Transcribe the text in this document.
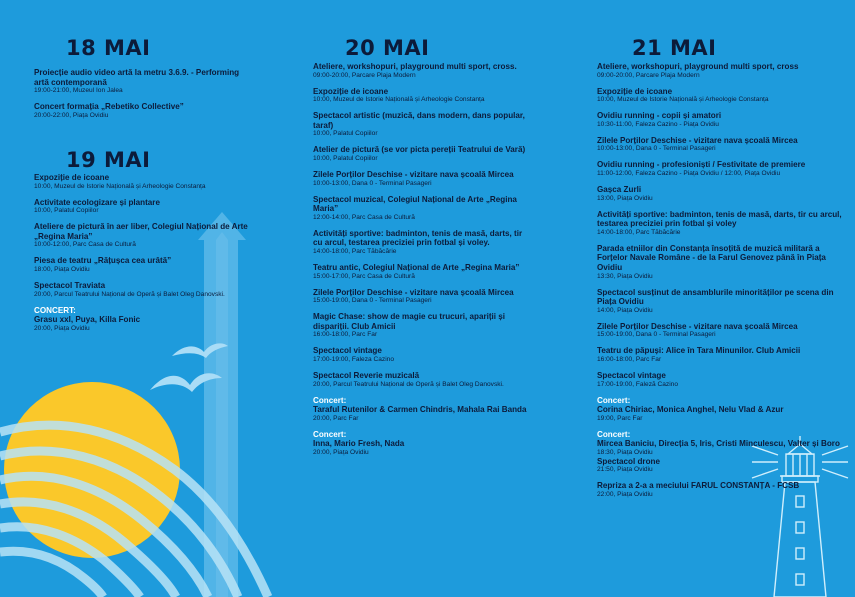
18 MAI
Proiecție audio video artă la metru 3.6.9. - Performing artă contemporană
19:00-21:00, Muzeul Ion Jalea
Concert formația „Rebetiko Collective”
20:00-22:00, Piața Ovidiu
19 MAI
Expoziție de icoane
10:00, Muzeul de Istorie Națională și Arheologie Constanța
Activitate ecologizare și plantare
10:00, Palatul Copiilor
Ateliere de pictură în aer liber, Colegiul Național de Arte „Regina Maria”
10:00-12:00, Parc Casa de Cultură
Piesa de teatru „Rățușca cea urâtă”
18:00, Piața Ovidiu
Spectacol Traviata
20:00, Parcul Teatrului Național de Operă și Balet Oleg Danovski.
CONCERT:
Grasu xxl, Puya, Killa Fonic
20:00, Piața Ovidiu
20 MAI
Ateliere, workshopuri, playground multi sport, cross.
09:00-20:00, Parcare Plaja Modern
Expoziție de icoane
10:00, Muzeul de Istorie Națională și Arheologie Constanța
Spectacol artistic (muzică, dans modern, dans popular, taraf)
10:00, Palatul Copiilor
Atelier de pictură (se vor picta pereții Teatrului de Vară)
10:00, Palatul Copiilor
Zilele Porților Deschise - vizitare nava școală Mircea
10:00-13:00, Dana 0 - Terminal Pasageri
Spectacol muzical, Colegiul Național de Arte „Regina Maria”
12:00-14:00, Parc Casa de Cultură
Activități sportive: badminton, tenis de masă, darts, tir cu arcul, testarea preciziei prin fotbal și voley.
14:00-18:00, Parc Tăbăcărie
Teatru antic, Colegiul Național de Arte „Regina Maria”
15:00-17:00, Parc Casa de Cultură
Zilele Porților Deschise - vizitare nava școală Mircea
15:00-19:00, Dana 0 - Terminal Pasageri
Magic Chase: show de magie cu trucuri, apariții și dispariții. Club Amicii
16:00-18:00, Parc Far
Spectacol vintage
17:00-19:00, Faleza Cazino
Spectacol Reverie muzicală
20:00, Parcul Teatrului Național de Operă și Balet Oleg Danovski.
Concert:
Taraful Rutenilor & Carmen Chindris, Mahala Rai Banda
20:00, Parc Far
Concert:
Inna, Mario Fresh, Nada
20:00, Piața Ovidiu
21 MAI
Ateliere, workshopuri, playground multi sport, cross
09:00-20:00, Parcare Plaja Modern
Expoziție de icoane
10:00, Muzeul de Istorie Națională și Arheologie Constanța
Ovidiu running - copii și amatori
10:30-11:00, Faleza Cazino - Piața Ovidiu
Zilele Porților Deschise - vizitare nava școală Mircea
10:00-13:00, Dana 0 - Terminal Pasageri
Ovidiu running - profesioniști / Festivitate de premiere
11:00-12:00, Faleza Cazino - Piața Ovidiu / 12:00, Piața Ovidiu
Gașca Zurli
13:00, Piața Ovidiu
Activități sportive: badminton, tenis de masă, darts, tir cu arcul, testarea preciziei prin fotbal și voley
14:00-18:00, Parc Tăbăcărie
Parada etniilor din Constanța însoțită de muzică militară a Forțelor Navale Române - de la Farul Genovez până în Piața Ovidiu
13:30, Piața Ovidiu
Spectacol susținut de ansamblurile minorităților pe scena din Piața Ovidiu
14:00, Piața Ovidiu
Zilele Porților Deschise - vizitare nava școală Mircea
15:00-19:00, Dana 0 - Terminal Pasageri
Teatru de păpuși: Alice în Tara Minunilor. Club Amicii
16:00-18:00, Parc Far
Spectacol vintage
17:00-19:00, Faleză Cazino
Concert:
Corina Chiriac, Monica Anghel, Nelu Vlad & Azur
19:00, Parc Far
Concert:
Mircea Baniciu, Direcția 5, Iris, Cristi Minculescu, Valter și Boro
18:30, Piața Ovidiu
Spectacol drone
21:50, Piața Ovidiu
Repriza a 2-a a meciului FARUL CONSTANȚA - FCSB
22:00, Piața Ovidiu
